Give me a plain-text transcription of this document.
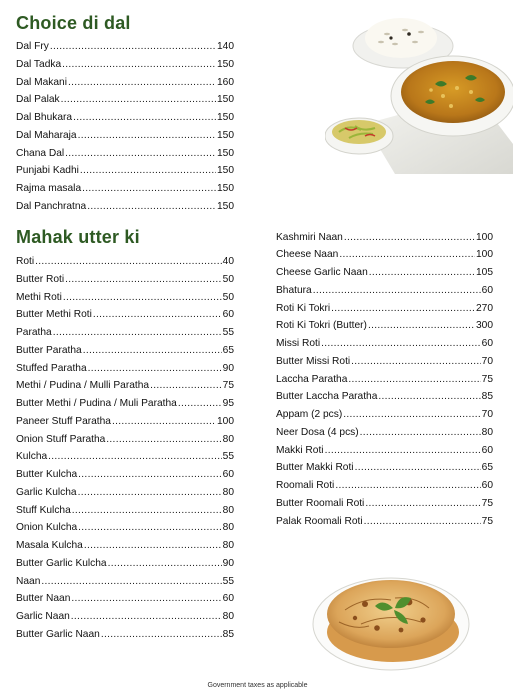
Choice di dal
Dal Fry .....	140
Dal Tadka .....	150
Dal Makani .....	160
Dal Palak .....	150
Dal Bhukara .....	150
Dal Maharaja .....	150
Chana Dal .....	150
Punjabi Kadhi .....	150
Rajma masala .....	150
Dal Panchratna .....	150
Mahak utter ki
Roti .....	40
Butter Roti .....	50
Methi Roti .....	50
Butter Methi Roti .....	60
Paratha .....	55
Butter Paratha .....	65
Stuffed Paratha .....	90
Methi / Pudina / Mulli Paratha .....	75
Butter Methi / Pudina / Muli Paratha .....	95
Paneer Stuff Paratha .....	100
Onion Stuff Paratha .....	80
Kulcha .....	55
Butter Kulcha .....	60
Garlic Kulcha .....	80
Stuff Kulcha .....	80
Onion Kulcha .....	80
Masala Kulcha .....	80
Butter Garlic Kulcha .....	90
Naan .....	55
Butter Naan .....	60
Garlic Naan .....	80
Butter Garlic Naan .....	85
Kashmiri Naan .....	100
Cheese Naan .....	100
Cheese Garlic Naan .....	105
Bhatura .....	60
Roti Ki Tokri .....	270
Roti Ki Tokri (Butter) .....	300
Missi Roti .....	60
Butter Missi Roti .....	70
Laccha Paratha .....	75
Butter Laccha Paratha .....	85
Appam (2 pcs) .....	70
Neer Dosa (4 pcs) .....	80
Makki Roti .....	60
Butter Makki Roti .....	65
Roomali Roti .....	60
Butter Roomali Roti .....	75
Palak Roomali Roti .....	75
Government taxes as applicable
